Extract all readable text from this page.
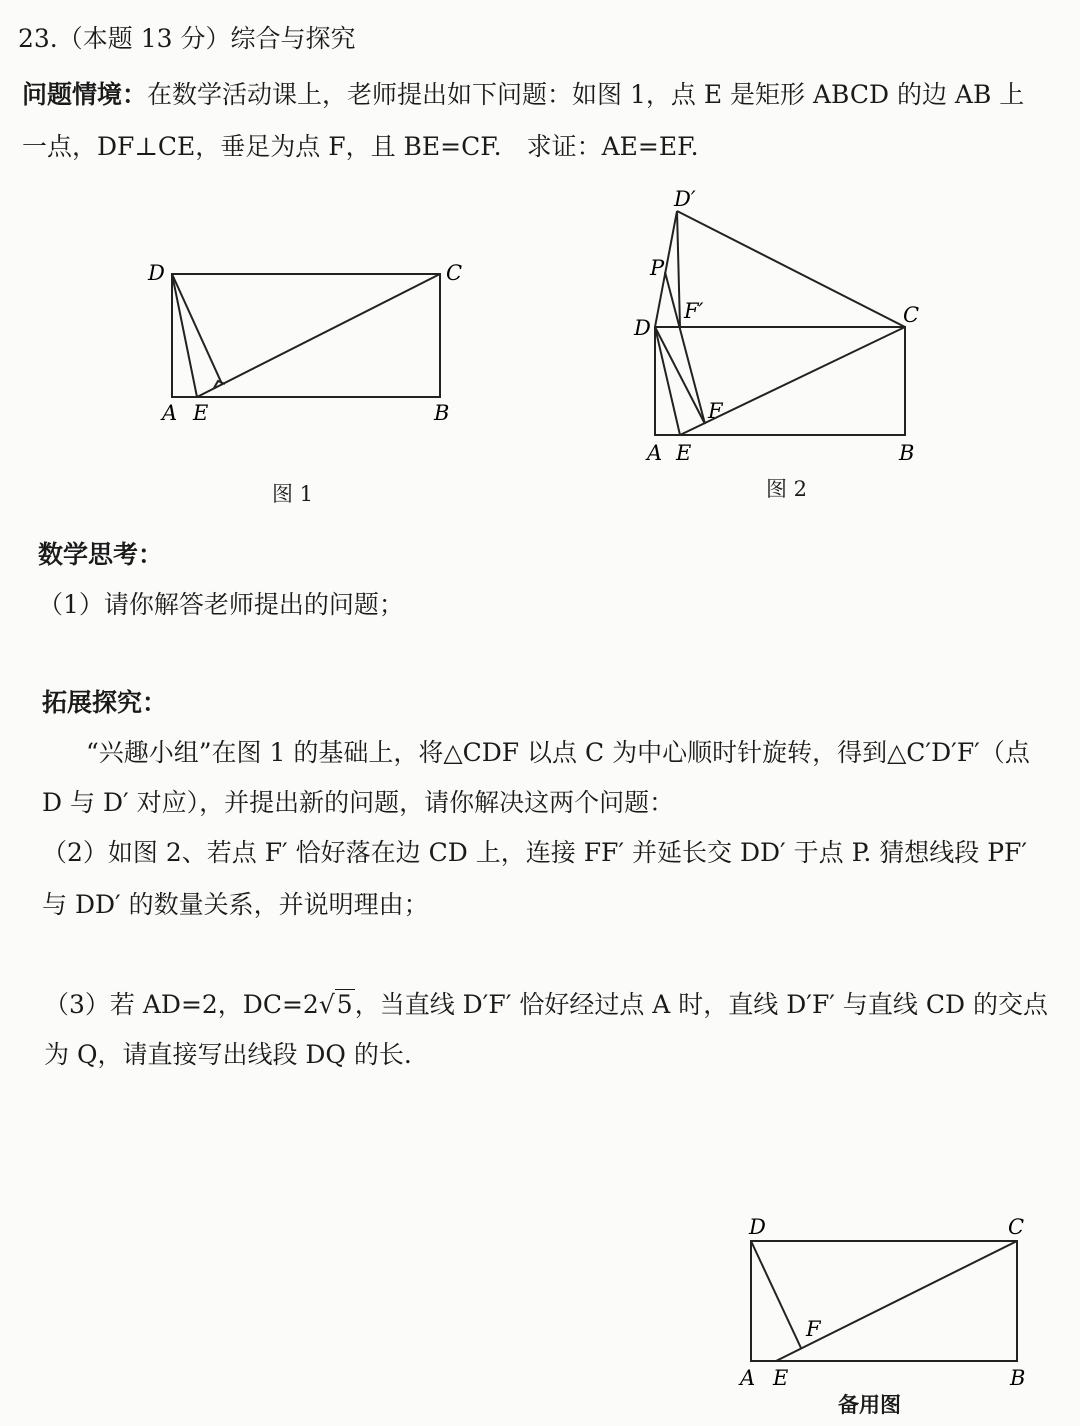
23.（本题 13 分）综合与探究
问题情境：在数学活动课上，老师提出如下问题：如图 1，点 E 是矩形 ABCD 的边 AB 上
一点，DF⊥CE，垂足为点 F，且 BE=CF.　求证：AE=EF.
数学思考：
（1）请你解答老师提出的问题；
拓展探究：
“兴趣小组”在图 1 的基础上，将△CDF 以点 C 为中心顺时针旋转，得到△C′D′F′（点
D 与 D′ 对应），并提出新的问题，请你解决这两个问题：
（2）如图 2、若点 F′ 恰好落在边 CD 上，连接 FF′ 并延长交 DD′ 于点 P. 猜想线段 PF′
与 DD′ 的数量关系，并说明理由；
（3）若 AD=2，DC=2√5，当直线 D′F′ 恰好经过点 A 时，直线 D′F′ 与直线 CD 的交点
为 Q，请直接写出线段 DQ 的长.
D	C
A E	B
图 1
D′
P
F′
D
C
F
A E	B
图 2
D	C
F
A E	B
备用图
